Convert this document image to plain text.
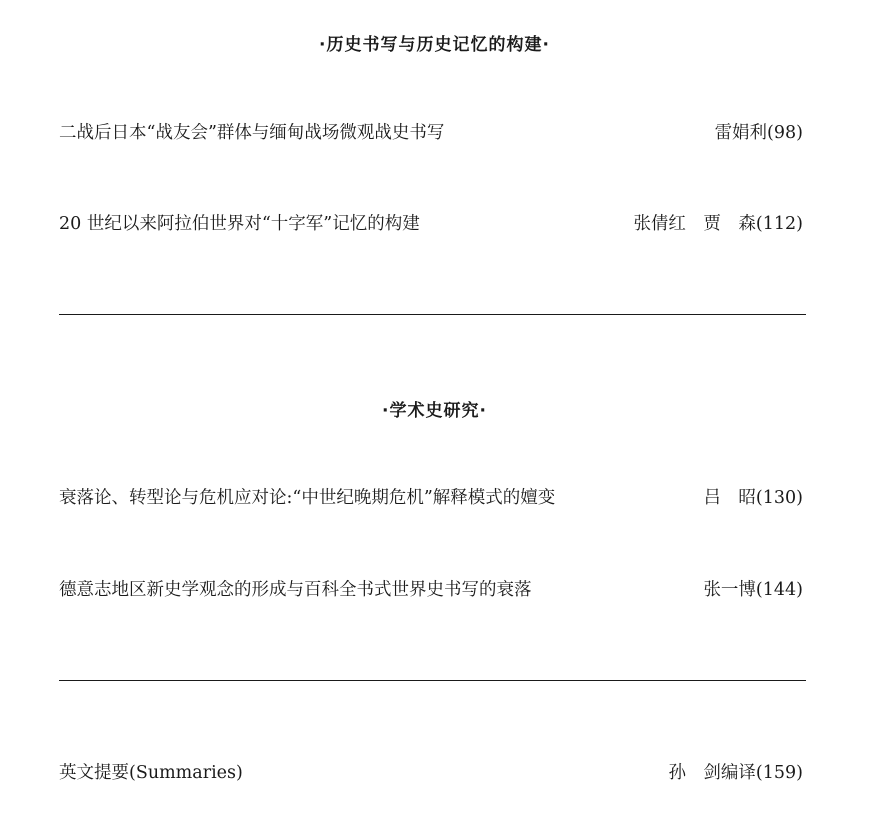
·历史书写与历史记忆的构建·
二战后日本“战友会”群体与缅甸战场微观战史书写	雷娟利(98)
20 世纪以来阿拉伯世界对“十字军”记忆的构建	张倩红　贾　森(112)
·学术史研究·
衰落论、转型论与危机应对论:“中世纪晚期危机”解释模式的嬗变	吕　昭(130)
德意志地区新史学观念的形成与百科全书式世界史书写的衰落	张一博(144)
英文提要(Summaries)	孙　剑编译(159)
